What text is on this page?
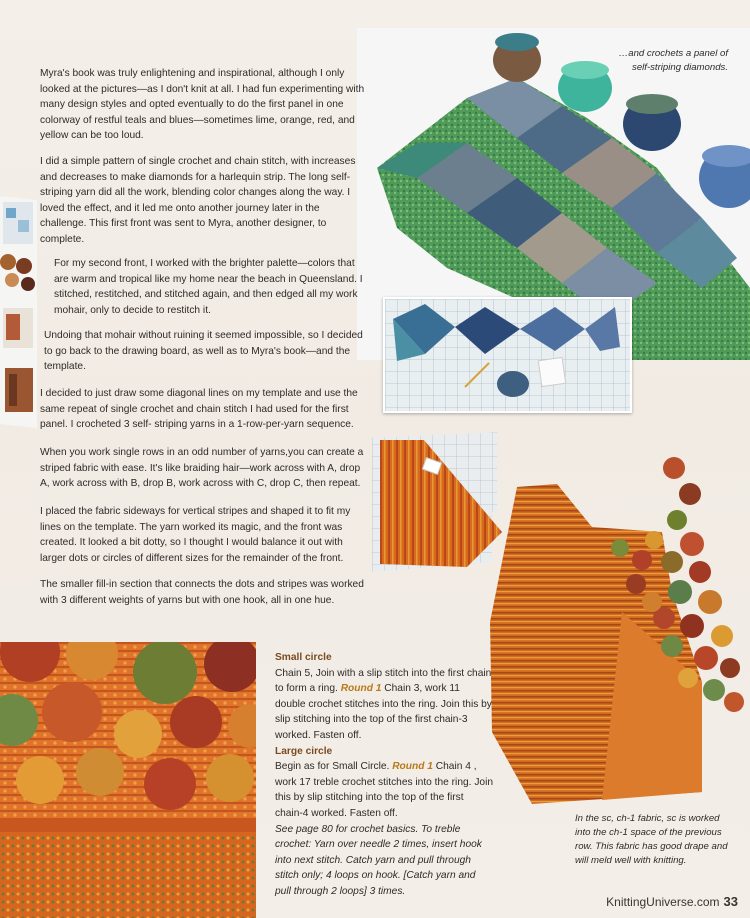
…and crochets a panel of self-striping diamonds.

Myra's book was truly enlightening and inspirational, although I only looked at the pictures—as I don't knit at all. I had fun experimenting with many design styles and opted eventually to do the first panel in one colorway of restful teals and blues—sometimes lime, orange, red, and yellow can be too loud.

I did a simple pattern of single crochet and chain stitch, with increases and decreases to make diamonds for a harlequin strip. The long self-striping yarn did all the work, blending color changes along the way. I loved the effect, and it led me onto another journey later in the challenge. This first front was sent to Myra, another designer, to complete.

For my second front, I worked with the brighter palette—colors that are warm and tropical like my home near the beach in Queensland. I stitched, restitched, and stitched again, and then edged all my work mohair, only to decide to restitch it.

Undoing that mohair without ruining it seemed impossible, so I decided to go back to the drawing board, as well as to Myra's book—and the template.

I decided to just draw some diagonal lines on my template and use the same repeat of single crochet and chain stitch I had used for the first panel. I crocheted 3 self- striping yarns in a 1-row-per-yarn sequence.

When you work single rows in an odd number of yarns,you can create a striped fabric with ease. It's like braiding hair—work across with A, drop A, work across with B, drop B, work across with C, drop C, then repeat.

I placed the fabric sideways for vertical stripes and shaped it to fit my lines on the template. The yarn worked its magic, and the front was created. It looked a bit dotty, so I thought I would balance it out with larger dots or circles of different sizes for the remainder of the front.

The smaller fill-in section that connects the dots and stripes was worked with 3 different weights of yarns but with one hook, all in one hue.

Small circle

Chain 5, Join with a slip stitch into the first chain to form a ring. Round 1 Chain 3, work 11 double crochet stitches into the ring. Join this by slip stitching into the top of the first chain-3 worked. Fasten off.

Large circle

Begin as for Small Circle. Round 1 Chain 4 , work 17 treble crochet stitches into the ring. Join this by slip stitching into the top of the first chain-4 worked. Fasten off.

See page 80 for crochet basics. To treble crochet: Yarn over needle 2 times, insert hook into next stitch. Catch yarn and pull through stitch only; 4 loops on hook. [Catch yarn and pull through 2 loops] 3 times.

In the sc, ch-1 fabric, sc is worked into the ch-1 space of the previous row. This fabric has good drape and will meld well with knitting.
KnittingUniverse.com 33
